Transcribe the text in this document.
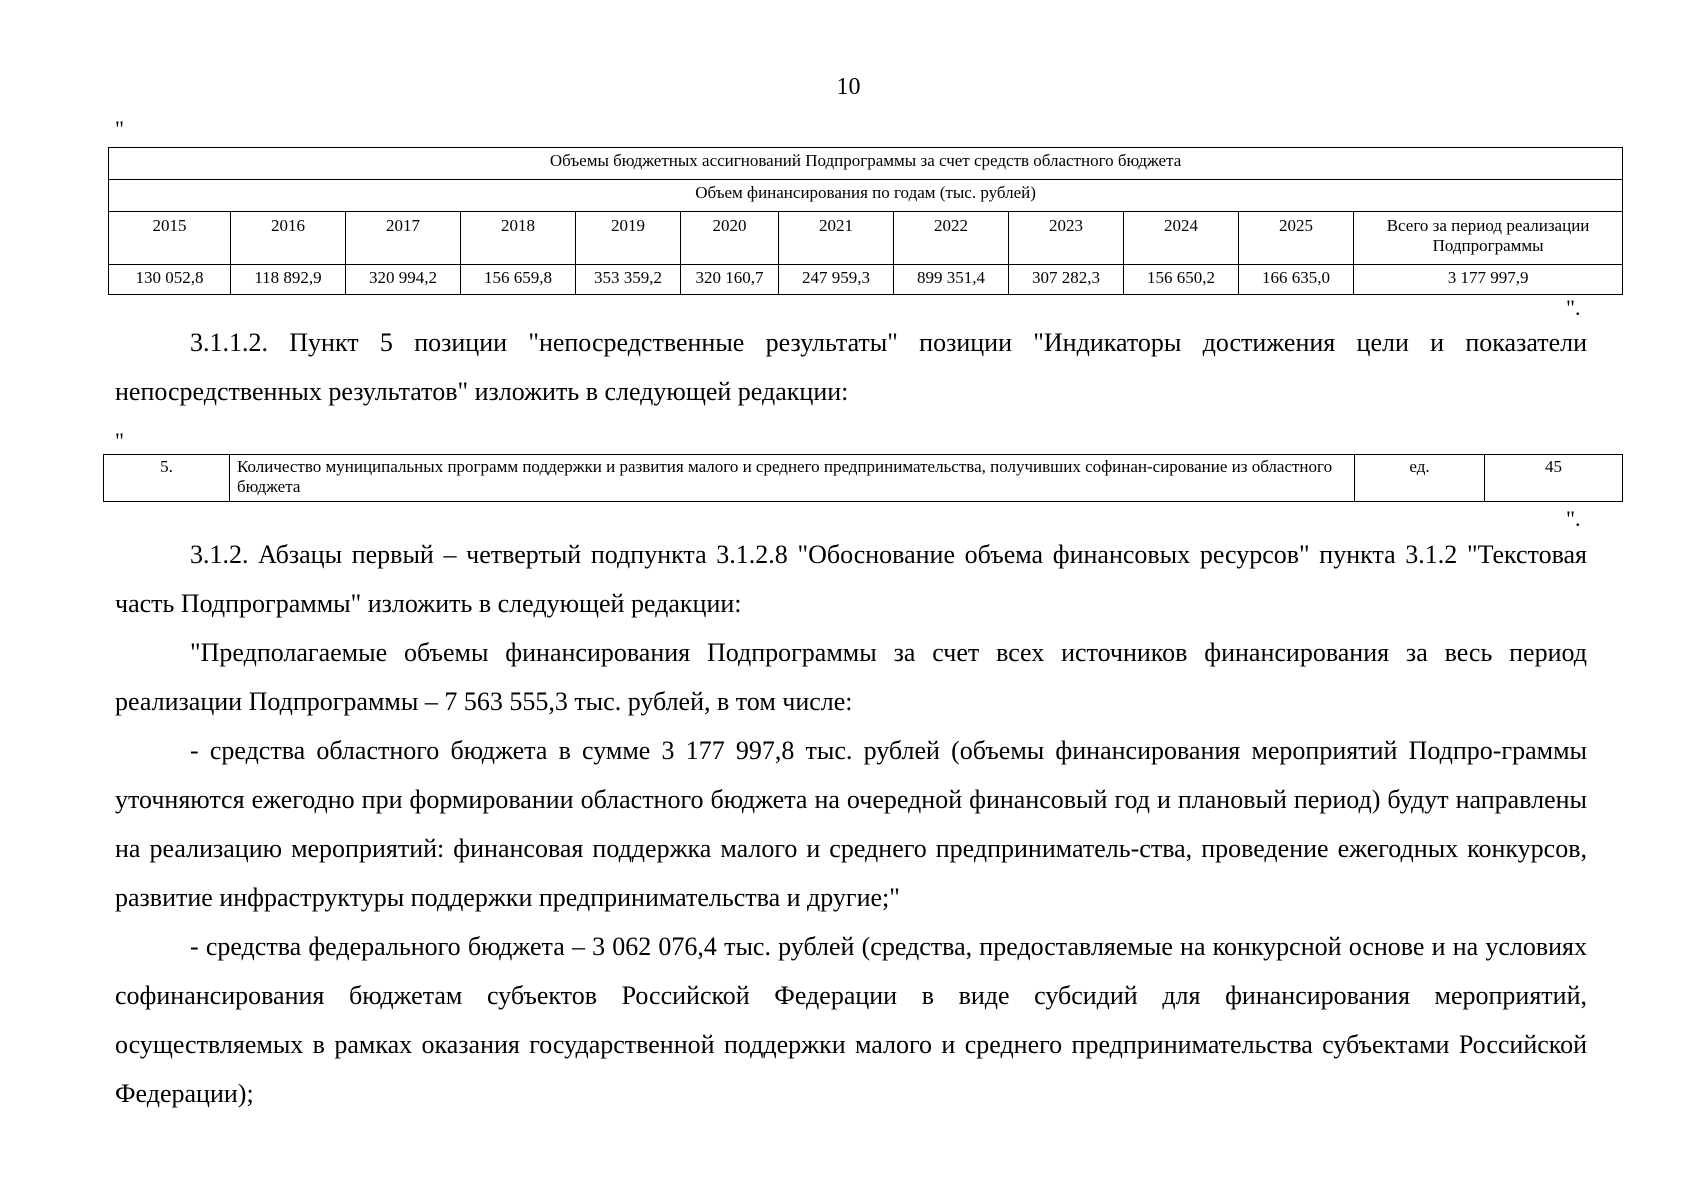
10
"
Объемы бюджетных ассигнований Подпрограммы за счет средств областного бюджета											
Объем финансирования по годам (тыс. рублей)											
2015	2016	2017	2018	2019	2020	2021	2022	2023	2024	2025	Всего за период реализации Подпрограммы
130 052,8	118 892,9	320 994,2	156 659,8	353 359,2	320 160,7	247 959,3	899 351,4	307 282,3	156 650,2	166 635,0	3 177 997,9
".

3.1.1.2. Пункт 5 позиции "непосредственные результаты" позиции "Индикаторы достижения цели и показатели непосредственных результатов" изложить в следующей редакции:

"
5.	Количество муниципальных программ поддержки и развития малого и среднего предпринимательства, получивших софинан-сирование из областного бюджета	ед.	45
".

3.1.2. Абзацы первый – четвертый подпункта 3.1.2.8 "Обоснование объема финансовых ресурсов" пункта 3.1.2 "Текстовая часть Подпрограммы" изложить в следующей редакции:

"Предполагаемые объемы финансирования Подпрограммы за счет всех источников финансирования за весь период реализации Подпрограммы – 7 563 555,3 тыс. рублей, в том числе:

- средства областного бюджета в сумме 3 177 997,8 тыс. рублей (объемы финансирования мероприятий Подпро-граммы уточняются ежегодно при формировании областного бюджета на очередной финансовый год и плановый период) будут направлены на реализацию мероприятий: финансовая поддержка малого и среднего предприниматель-ства, проведение ежегодных конкурсов, развитие инфраструктуры поддержки предпринимательства и другие;"

- средства федерального бюджета – 3 062 076,4 тыс. рублей (средства, предоставляемые на конкурсной основе и на условиях софинансирования бюджетам субъектов Российской Федерации в виде субсидий для финансирования мероприятий, осуществляемых в рамках оказания государственной поддержки малого и среднего предпринимательства субъектами Российской Федерации);
